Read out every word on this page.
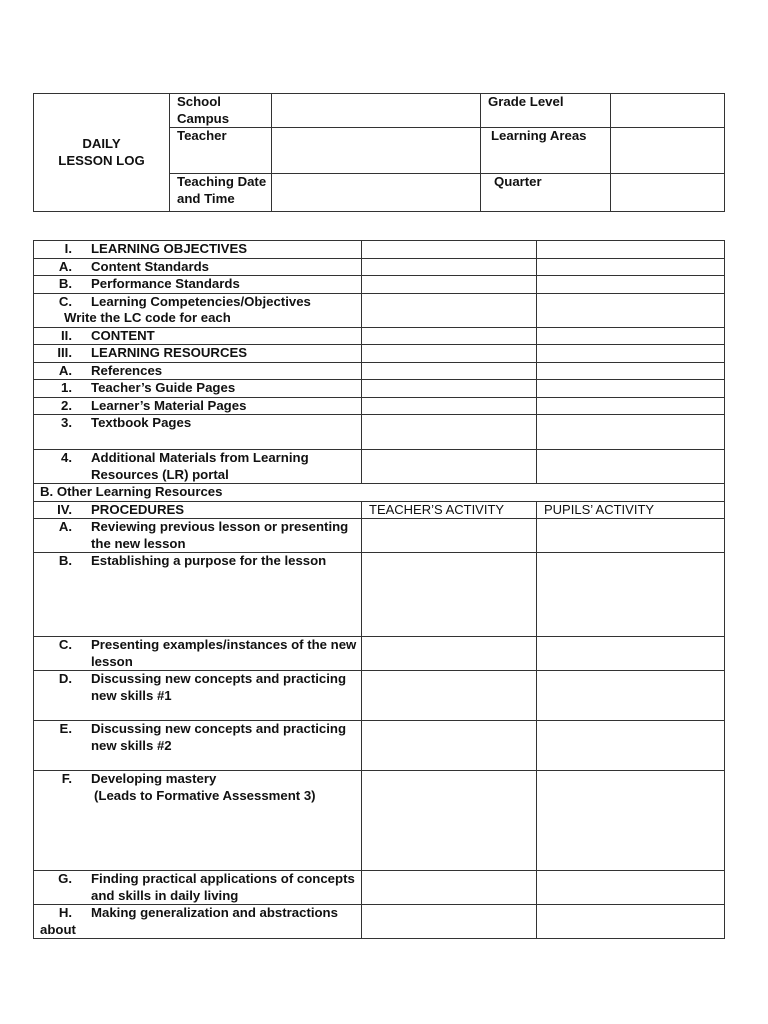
DAILY
LESSON LOG	School Campus		Grade Level	
	Teacher		Learning Areas	
	Teaching Date and Time		Quarter	
I. LEARNING OBJECTIVES		
A. Content Standards		
B. Performance Standards		
C. Learning Competencies/Objectives
Write the LC code for each		
II. CONTENT		
III. LEARNING RESOURCES		
A. References		
1. Teacher’s Guide Pages		
2. Learner’s Material Pages		
3. Textbook Pages		
4. Additional Materials from Learning Resources (LR) portal		
B. Other Learning Resources		
IV. PROCEDURES	TEACHER’S ACTIVITY	PUPILS’ ACTIVITY
A. Reviewing previous lesson or presenting the new lesson		
B. Establishing a purpose for the lesson		
C. Presenting examples/instances of the new lesson		
D. Discussing new concepts and practicing new skills #1		
E. Discussing new concepts and practicing new skills #2		
F. Developing mastery
(Leads to Formative Assessment 3)		
G. Finding practical applications of concepts and skills in daily living		
H. Making generalization and abstractions about		
